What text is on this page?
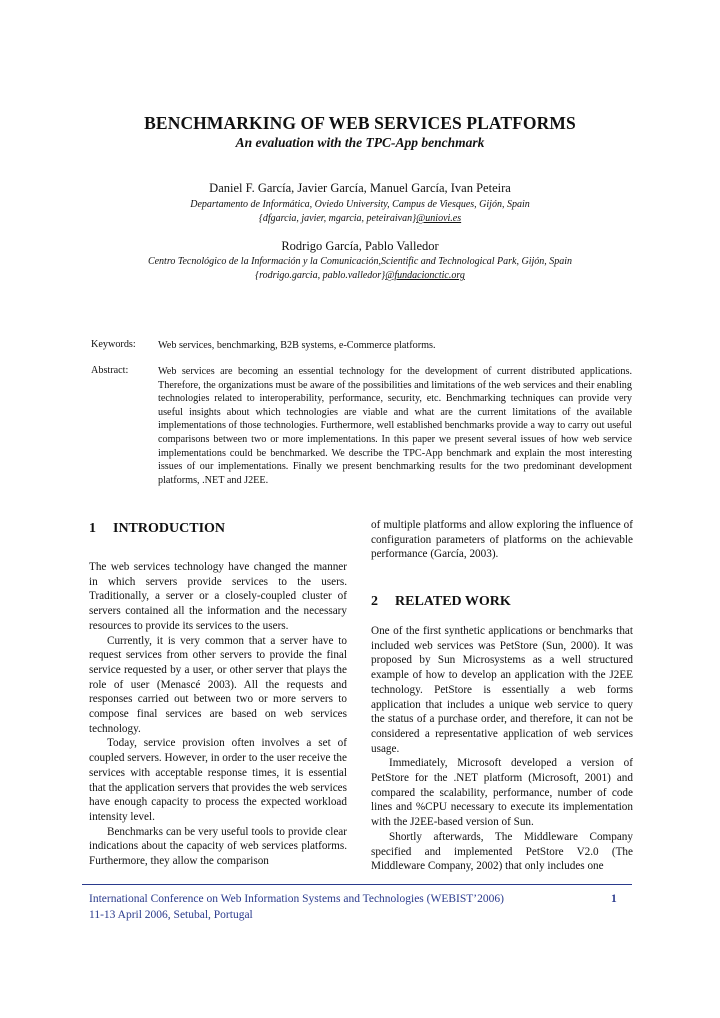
BENCHMARKING OF WEB SERVICES PLATFORMS
An evaluation with the TPC-App benchmark
Daniel F. García, Javier García, Manuel García, Ivan Peteira
Departamento de Informática, Oviedo University, Campus de Viesques, Gijón, Spain
{dfgarcia, javier, mgarcia, peteiraivan}@uniovi.es
Rodrigo García, Pablo Valledor
Centro Tecnológico de la Información y la Comunicación,Scientific and Technological Park, Gijón, Spain
{rodrigo.garcia, pablo.valledor}@fundacionctic.org
Keywords: Web services, benchmarking, B2B systems, e-Commerce platforms.
Abstract:	Web services are becoming an essential technology for the development of current distributed applications. Therefore, the organizations must be aware of the possibilities and limitations of the web services and their enabling technologies related to interoperability, performance, security, etc. Benchmarking techniques can provide very useful insights about which technologies are viable and what are the current limitations of the available implementations of those technologies. Furthermore, well established benchmarks provide a way to carry out useful comparisons between two or more implementations. In this paper we present several issues of how web service implementations could be benchmarked. We describe the TPC-App benchmark and explain the most interesting issues of our implementations. Finally we present benchmarking results for the two predominant development platforms, .NET and J2EE.
1 INTRODUCTION

The web services technology have changed the manner in which servers provide services to the users. Traditionally, a server or a closely-coupled cluster of servers contained all the information and the necessary resources to provide its services to the users.

Currently, it is very common that a server have to request services from other servers to provide the final service requested by a user, or other server that plays the role of user (Menascé 2003). All the requests and responses carried out between two or more servers to compose final services are based on web services technology.

Today, service provision often involves a set of coupled servers. However, in order to the user receive the services with acceptable response times, it is essential that the application servers that provides the web services have enough capacity to process the expected workload intensity level.

Benchmarks can be very useful tools to provide clear indications about the capacity of web services platforms. Furthermore, they allow the comparison

of multiple platforms and allow exploring the influence of configuration parameters of platforms on the achievable performance (García, 2003).
2 RELATED WORK

One of the first synthetic applications or benchmarks that included web services was PetStore (Sun, 2000). It was proposed by Sun Microsystems as a well structured example of how to develop an application with the J2EE technology. PetStore is essentially a web forms application that includes a unique web service to query the status of a purchase order, and therefore, it can not be considered a representative application of web services usage.

Immediately, Microsoft developed a version of PetStore for the .NET platform (Microsoft, 2001) and compared the scalability, performance, number of code lines and %CPU necessary to execute its implementation with the J2EE-based version of Sun.

Shortly afterwards, The Middleware Company specified and implemented PetStore V2.0 (The Middleware Company, 2002) that only includes one

International Conference on Web Information Systems and Technologies (WEBIST’2006)
11-13 April 2006, Setubal, Portugal
1
